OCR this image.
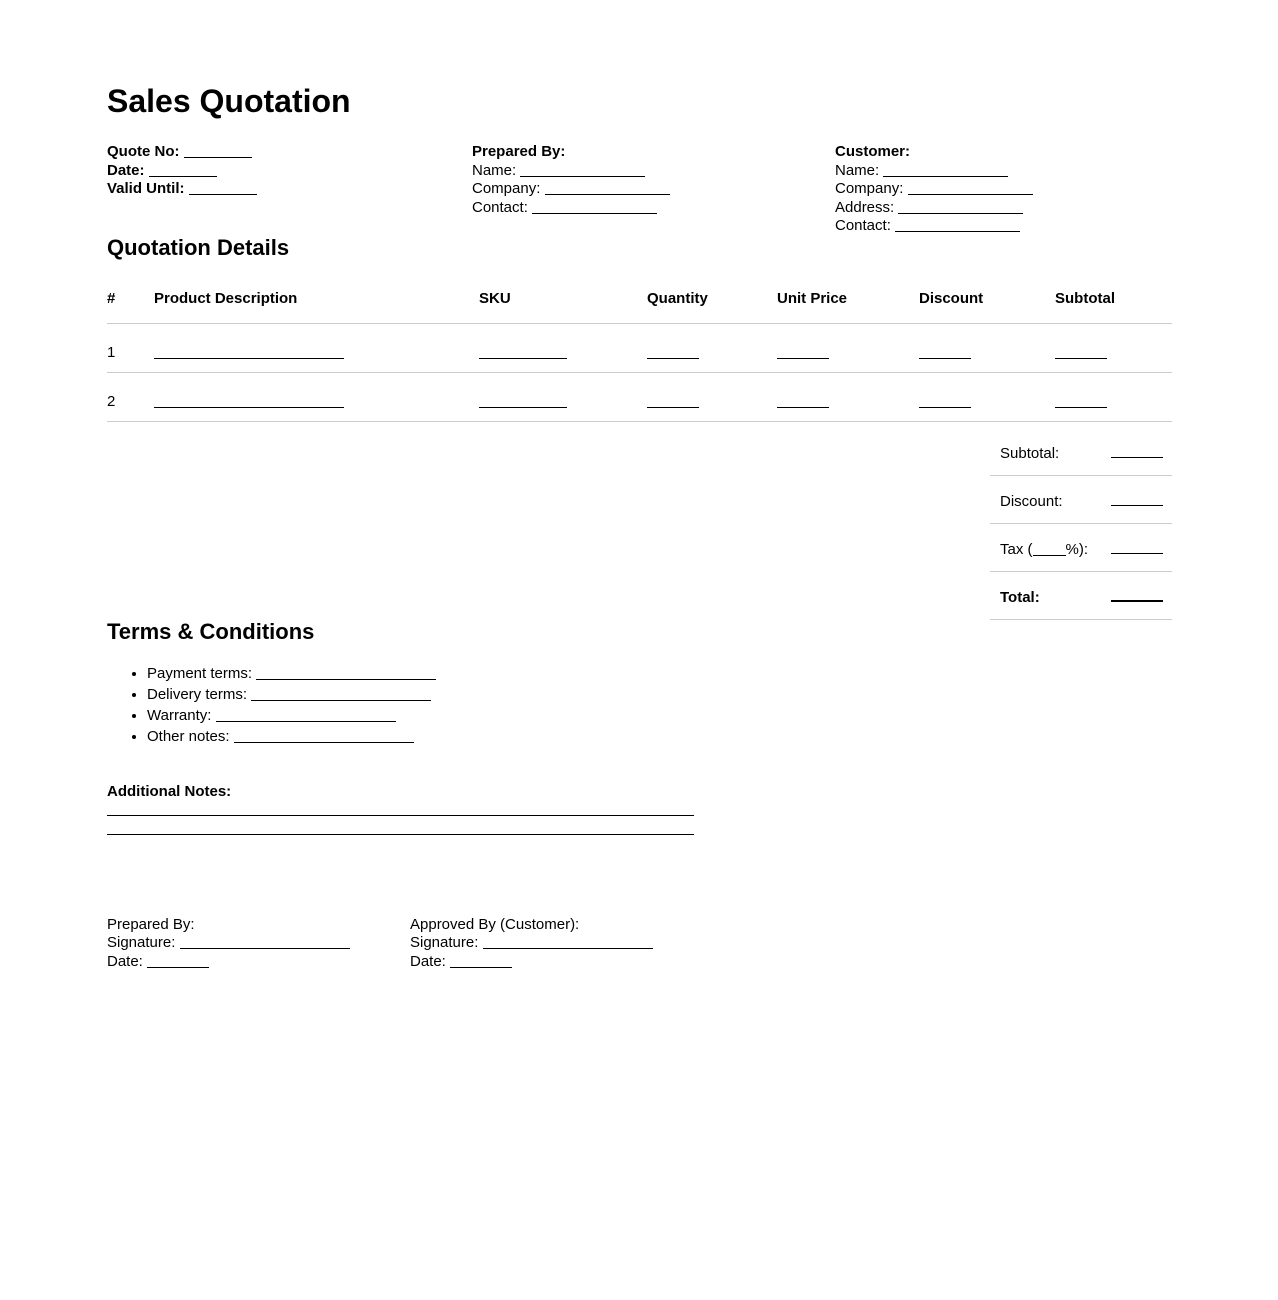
Sales Quotation
Quote No:
Date:
Valid Until:
Prepared By:
Name:
Company:
Contact:
Customer:
Name:
Company:
Address:
Contact:
Quotation Details
#	Product Description	SKU	Quantity	Unit Price	Discount	Subtotal
1						
2						
Subtotal:
Discount:
Tax ( %):
Total:
Terms & Conditions
• Payment terms:
• Delivery terms:
• Warranty:
• Other notes:
Additional Notes:
Prepared By:
Signature:
Date:
Approved By (Customer):
Signature:
Date:
